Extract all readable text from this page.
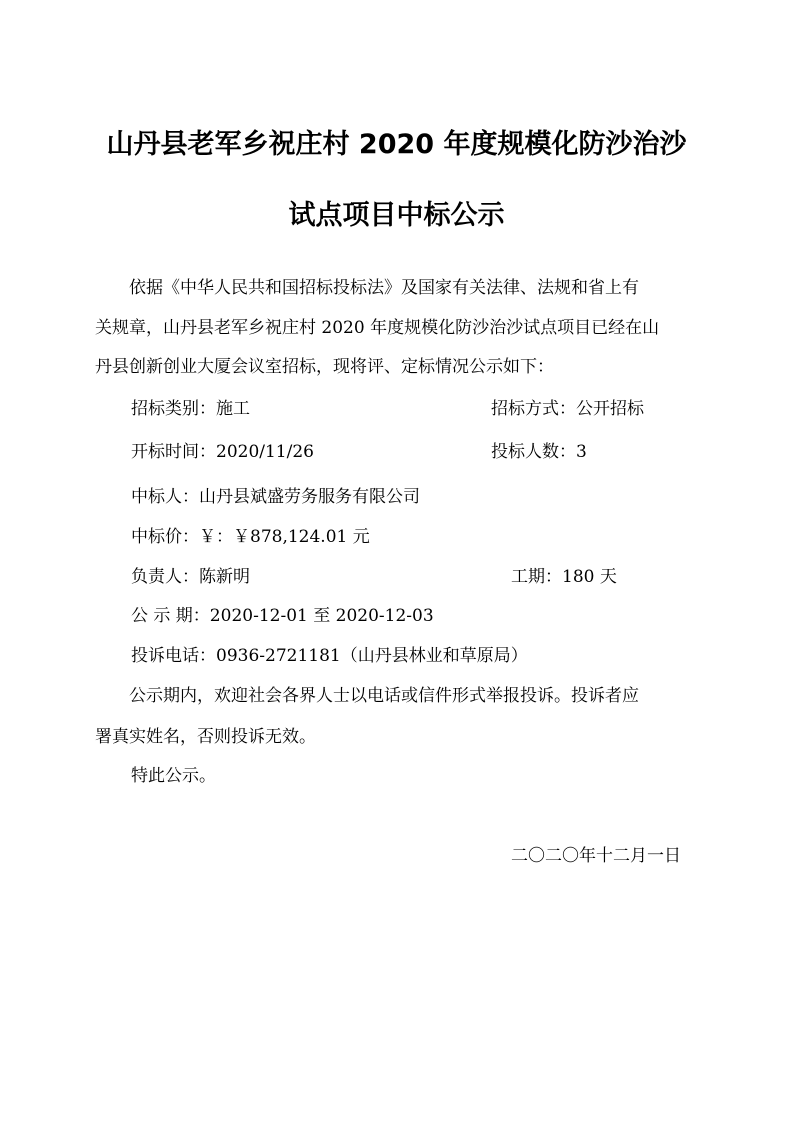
山丹县老军乡祝庄村 2020 年度规模化防沙治沙
试点项目中标公示
依据《中华人民共和国招标投标法》及国家有关法律、法规和省上有
关规章，山丹县老军乡祝庄村 2020 年度规模化防沙治沙试点项目已经在山
丹县创新创业大厦会议室招标，现将评、定标情况公示如下：
招标类别：施工	招标方式：公开招标
开标时间：2020/11/26	投标人数：3
中标人：山丹县斌盛劳务服务有限公司
中标价：￥：￥878,124.01 元
负责人：陈新明	工期：180 天
公 示 期：2020-12-01 至 2020-12-03
投诉电话：0936-2721181（山丹县林业和草原局）
公示期内，欢迎社会各界人士以电话或信件形式举报投诉。投诉者应
署真实姓名，否则投诉无效。
特此公示。
二〇二〇年十二月一日
